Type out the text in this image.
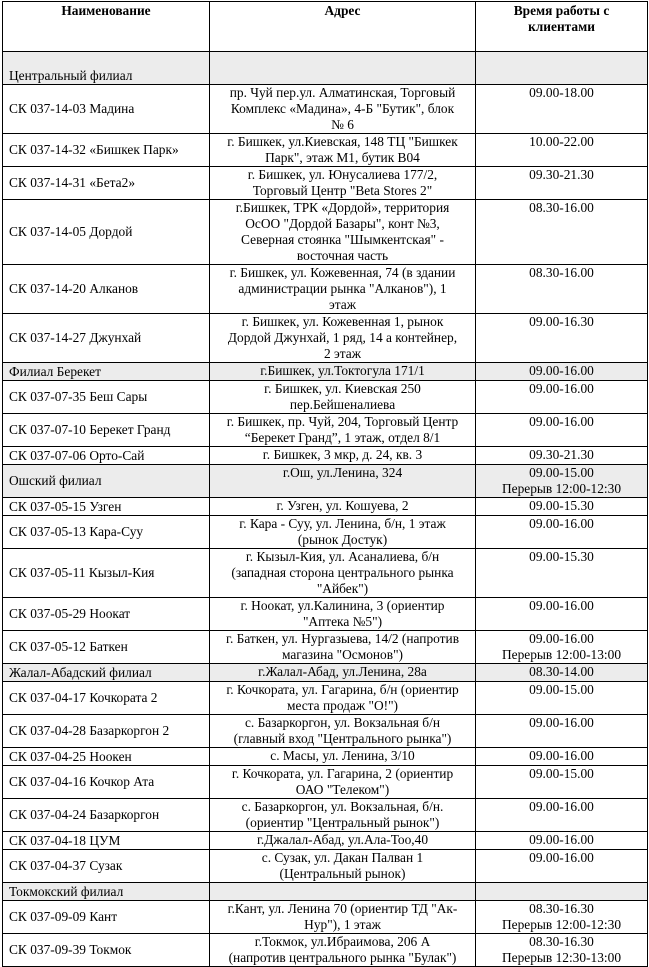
Наименование	Адрес	Время работы с
клиентами

Центральный филиал		
СК 037-14-03 Мадина	пр. Чуй пер.ул. Алматинская, Торговый
Комплекс «Мадина», 4-Б "Бутик", блок
№ 6	09.00-18.00

СК 037-14-32 «Бишкек Парк»	г. Бишкек, ул.Киевская, 148 ТЦ "Бишкек
Парк", этаж М1, бутик В04	10.00-22.00

СК 037-14-31 «Бета2»	г. Бишкек, ул. Юнусалиева 177/2,
Торговый Центр "Beta Stores 2"	09.30-21.30

СК 037-14-05 Дордой	г.Бишкек, ТРК «Дордой», территория
ОсОО "Дордой Базары", конт №3,
Северная стоянка "Шымкентская" -
восточная часть	08.30-16.00

СК 037-14-20 Алканов	г. Бишкек, ул. Кожевенная, 74 (в здании
администрации рынка "Алканов"), 1
этаж	08.30-16.00

СК 037-14-27 Джунхай	г. Бишкек, ул. Кожевенная 1, рынок
Дордой Джунхай, 1 ряд, 14 а контейнер,
2 этаж	09.00-16.30

Филиал Берекет	г.Бишкек, ул.Токтогула 171/1	09.00-16.00

СК 037-07-35 Беш Сары	г. Бишкек, ул. Киевская 250
пер.Бейшеналиева	09.00-16.00

СК 037-07-10 Берекет Гранд	г. Бишкек, пр. Чуй, 204, Торговый Центр
“Берекет Гранд”, 1 этаж, отдел 8/1	09.00-16.00

СК 037-07-06 Орто-Сай	г. Бишкек, 3 мкр, д. 24, кв. 3	09.30-21.30

Ошский филиал	г.Ош, ул.Ленина, 324	09.00-15.00
Перерыв 12:00-12:30

СК 037-05-15 Узген	г. Узген, ул. Кошуева, 2	09.00-15.30

СК 037-05-13 Кара-Суу	г. Кара - Суу, ул. Ленина, б/н, 1 этаж
(рынок Достук)	09.00-16.00

СК 037-05-11 Кызыл-Кия	г. Кызыл-Кия, ул. Асаналиева, б/н
(западная сторона центрального рынка
"Айбек")	09.00-15.30

СК 037-05-29 Ноокат	г. Ноокат, ул.Калинина, 3 (ориентир
"Аптека №5")	09.00-16.00

СК 037-05-12 Баткен	г. Баткен, ул. Нургазыева, 14/2 (напротив
магазина "Осмонов")	09.00-16.00
Перерыв 12:00-13:00

Жалал-Абадский филиал	г.Жалал-Абад, ул.Ленина, 28а	08.30-14.00

СК 037-04-17 Кочкората 2	г. Кочкората, ул. Гагарина, б/н (ориентир
места продаж "О!")	09.00-15.00

СК 037-04-28 Базаркоргон 2	с. Базаркоргон, ул. Вокзальная б/н
(главный вход "Центрального рынка")	09.00-16.00

СК 037-04-25 Ноокен	с. Масы, ул. Ленина, 3/10	09.00-16.00

СК 037-04-16 Кочкор Ата	г. Кочкората, ул. Гагарина, 2 (ориентир
ОАО "Телеком")	09.00-15.00

СК 037-04-24 Базаркоргон	с. Базаркоргон, ул. Вокзальная, б/н.
(ориентир "Центральный рынок")	09.00-16.00

СК 037-04-18 ЦУМ	г.Джалал-Абад, ул.Ала-Тоо,40	09.00-16.00

СК 037-04-37 Сузак	с. Сузак, ул. Дакан Палван 1
(Центральный рынок)	09.00-16.00

Токмокский филиал		
СК 037-09-09 Кант	г.Кант, ул. Ленина 70 (ориентир ТД "Ак-
Нур"), 1 этаж	08.30-16.30
Перерыв 12:00-12:30

СК 037-09-39 Токмок	г.Токмок, ул.Ибраимова, 206 А
(напротив центрального рынка "Булак")	08.30-16.30
Перерыв 12:30-13:00
